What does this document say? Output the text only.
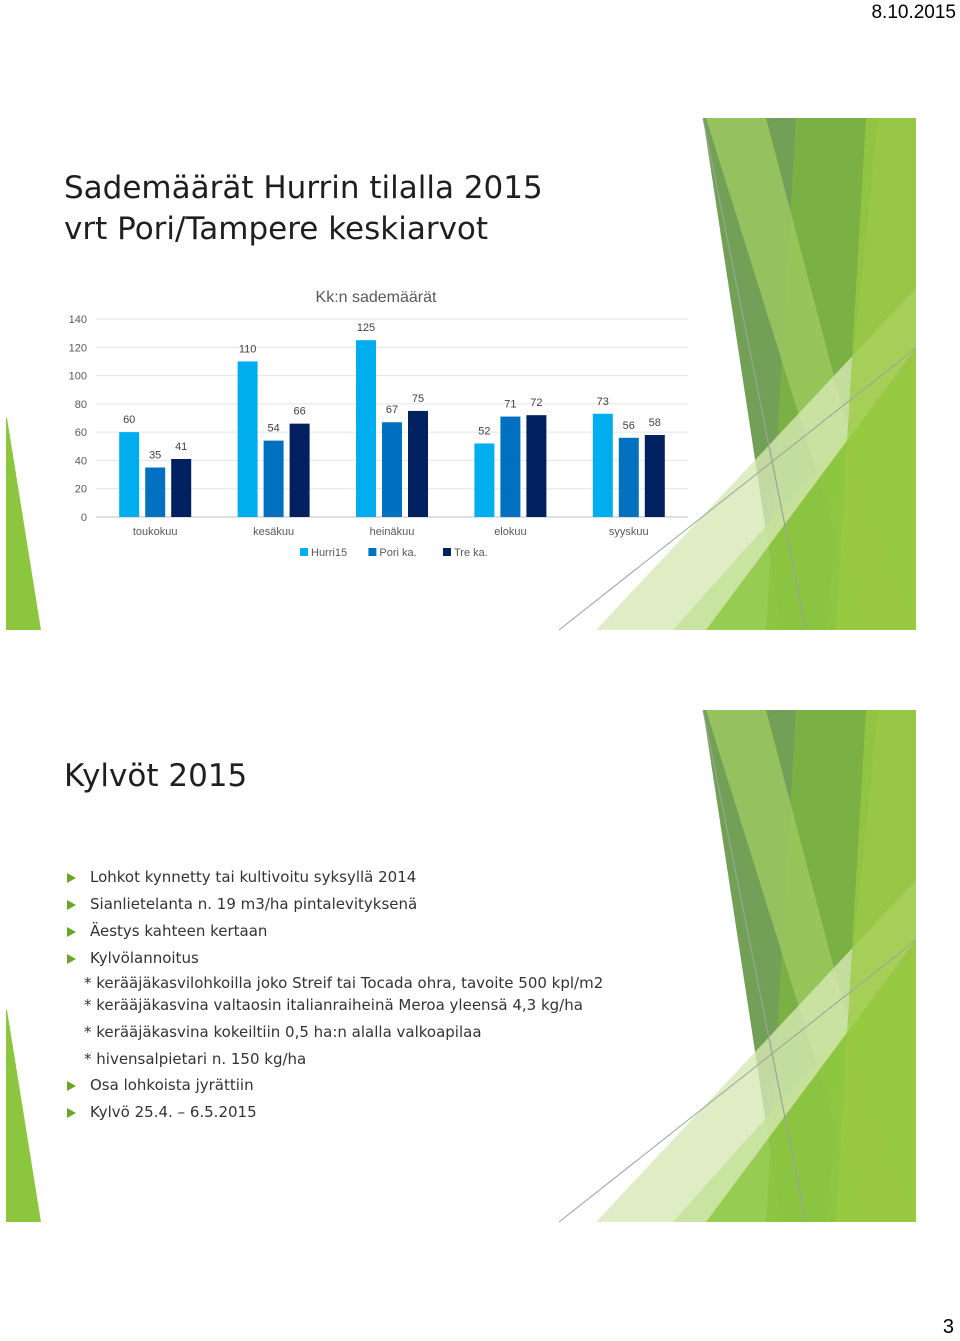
8.10.2015
Sademäärät Hurrin tilalla 2015
vrt Pori/Tampere keskiarvot
Kk:n sademäärät
0
20
40
60
80
100
120
140
60
35
41
toukokuu
110
54
66
kesäkuu
125
67
75
heinäkuu
52
71 72
elokuu
73
56 58
syyskuu
Hurri15	Pori ka.	Tre ka.
Kylvöt 2015
Lohkot kynnetty tai kultivoitu syksyllä 2014
Sianlietelanta n. 19 m3/ha pintalevityksenä
Äestys kahteen kertaan
Kylvölannoitus
* kerääjäkasvilohkoilla joko Streif tai Tocada ohra, tavoite 500 kpl/m2
* kerääjäkasvina valtaosin italianraiheinä Meroa yleensä 4,3 kg/ha
* kerääjäkasvina kokeiltiin 0,5 ha:n alalla valkoapilaa
* hivensalpietari n. 150 kg/ha
Osa lohkoista jyrättiin
Kylvö 25.4. – 6.5.2015
3
